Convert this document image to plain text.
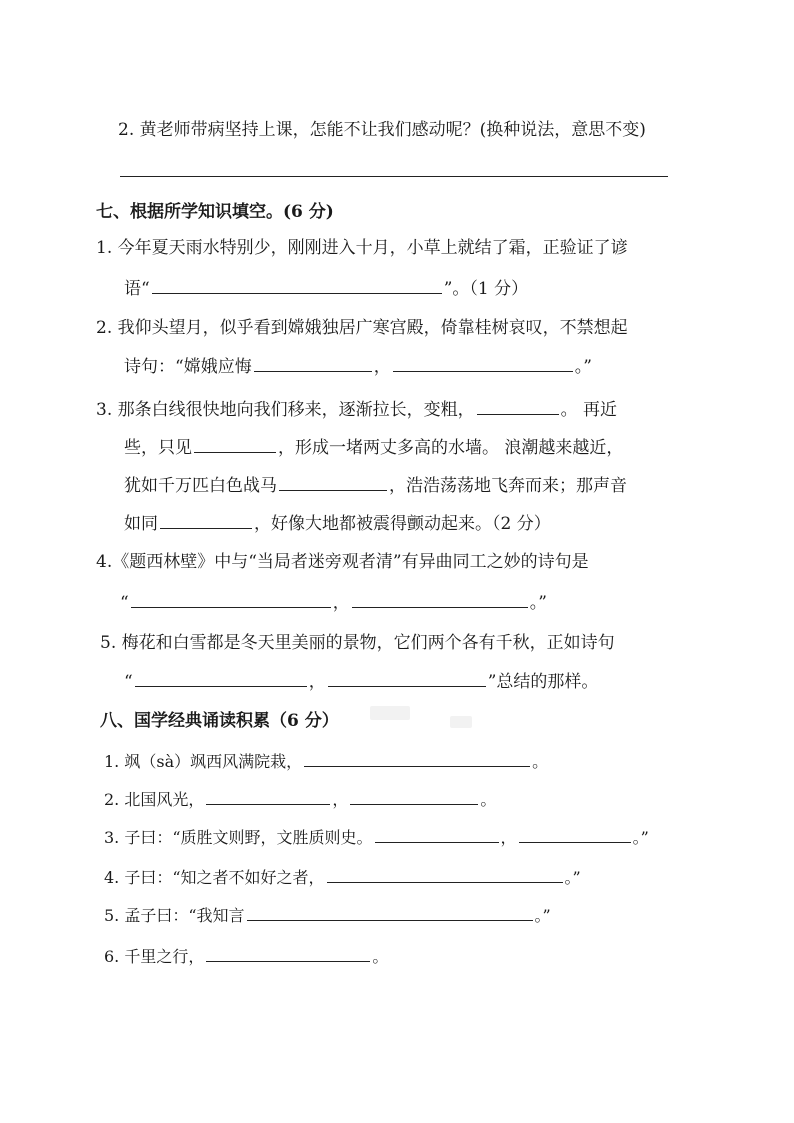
2. 黄老师带病坚持上课，怎能不让我们感动呢？(换种说法，意思不变)
七、根据所学知识填空。(6 分)
1. 今年夏天雨水特别少，刚刚进入十月，小草上就结了霜，正验证了谚
语“	”。（1 分）
2. 我仰头望月，似乎看到嫦娥独居广寒宫殿，倚靠桂树哀叹，不禁想起
诗句：“嫦娥应悔	，	。”
3. 那条白线很快地向我们移来，逐渐拉长，变粗，	。 再近
些，只见	，形成一堵两丈多高的水墙。 浪潮越来越近，
犹如千万匹白色战马	，浩浩荡荡地飞奔而来；那声音
如同	，好像大地都被震得颤动起来。（2 分）
4.《题西林壁》中与“当局者迷旁观者清”有异曲同工之妙的诗句是
“	，	。”
5. 梅花和白雪都是冬天里美丽的景物，它们两个各有千秋，正如诗句
“	，	”总结的那样。
八、国学经典诵读积累（6 分）
1. 飒（sà）飒西风满院栽，	。
2. 北国风光，	，	。
3. 子曰：“质胜文则野，文胜质则史。	，	。”
4. 子曰：“知之者不如好之者，	。”
5. 孟子曰：“我知言	。”
6. 千里之行，	。
